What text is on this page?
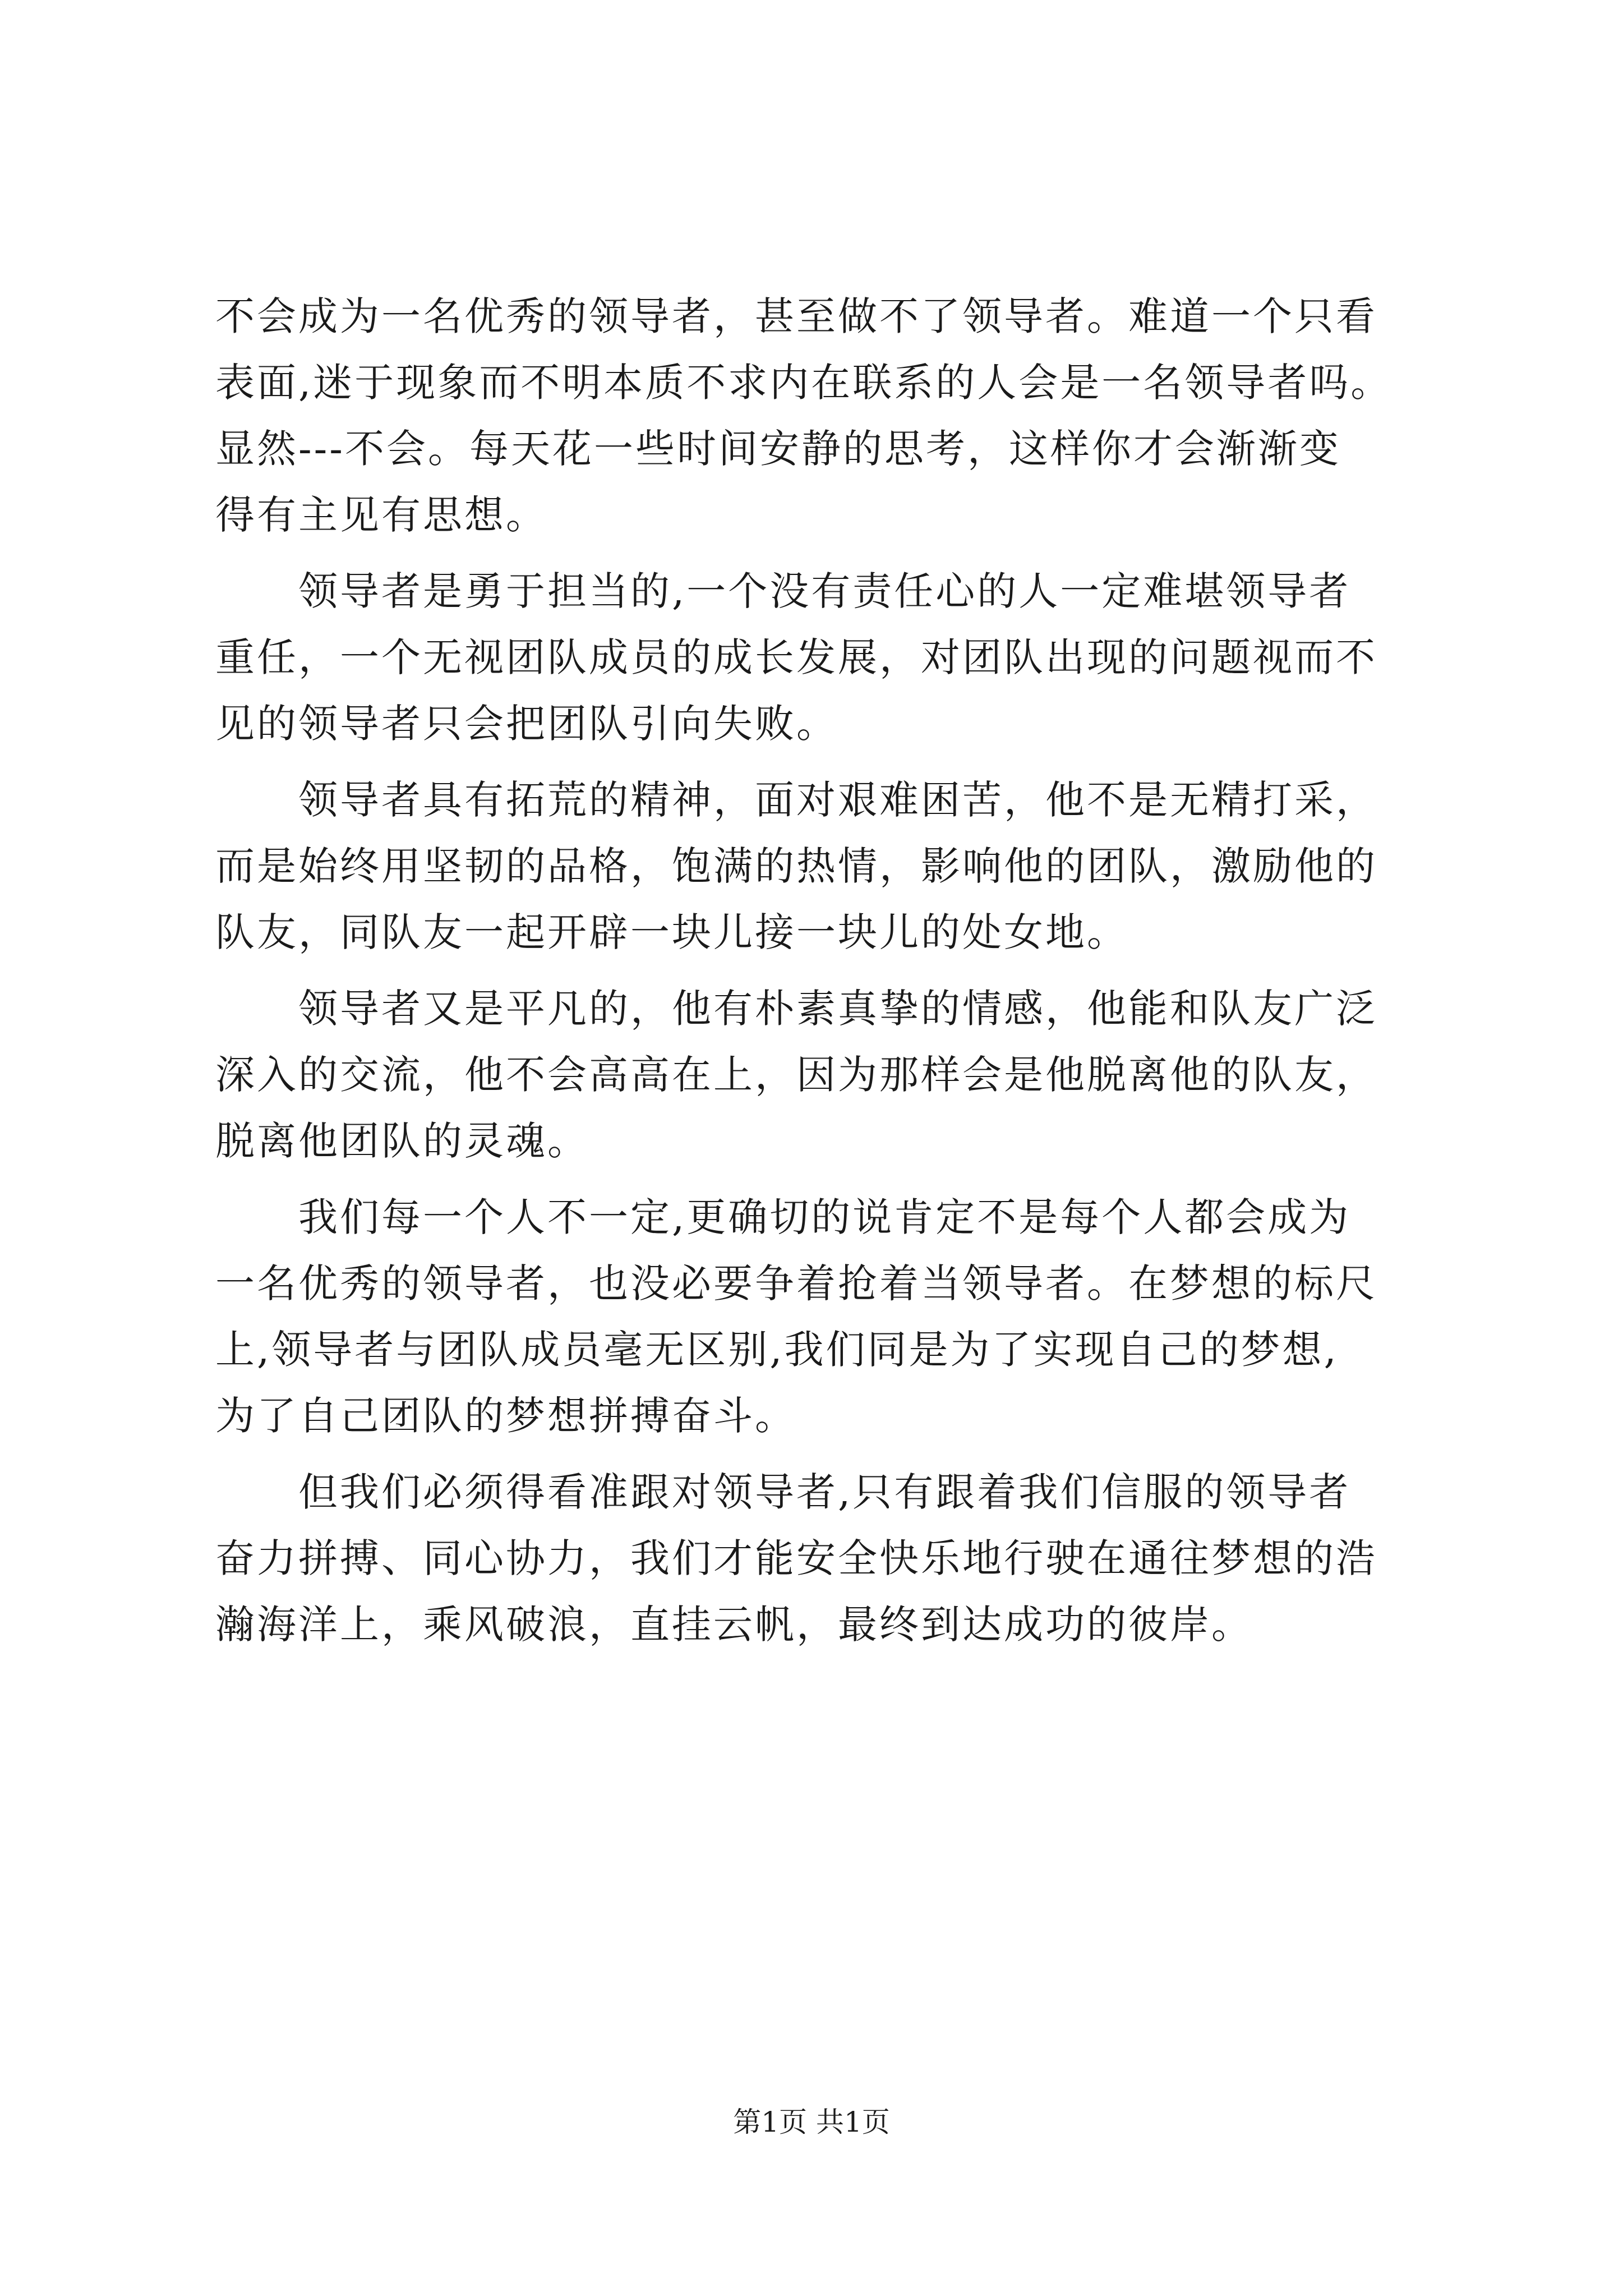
不会成为一名优秀的领导者，甚至做不了领导者。难道一个只看
表面,迷于现象而不明本质不求内在联系的人会是一名领导者吗。
显然---不会。每天花一些时间安静的思考，这样你才会渐渐变
得有主见有思想。
领导者是勇于担当的,一个没有责任心的人一定难堪领导者
重任，一个无视团队成员的成长发展，对团队出现的问题视而不
见的领导者只会把团队引向失败。
领导者具有拓荒的精神，面对艰难困苦，他不是无精打采，
而是始终用坚韧的品格，饱满的热情，影响他的团队，激励他的
队友，同队友一起开辟一块儿接一块儿的处女地。
领导者又是平凡的，他有朴素真挚的情感，他能和队友广泛
深入的交流，他不会高高在上，因为那样会是他脱离他的队友，
脱离他团队的灵魂。
我们每一个人不一定,更确切的说肯定不是每个人都会成为
一名优秀的领导者，也没必要争着抢着当领导者。在梦想的标尺
上,领导者与团队成员毫无区别,我们同是为了实现自己的梦想,
为了自己团队的梦想拼搏奋斗。
但我们必须得看准跟对领导者,只有跟着我们信服的领导者
奋力拼搏、同心协力，我们才能安全快乐地行驶在通往梦想的浩
瀚海洋上，乘风破浪，直挂云帆，最终到达成功的彼岸。
第1页 共1页
